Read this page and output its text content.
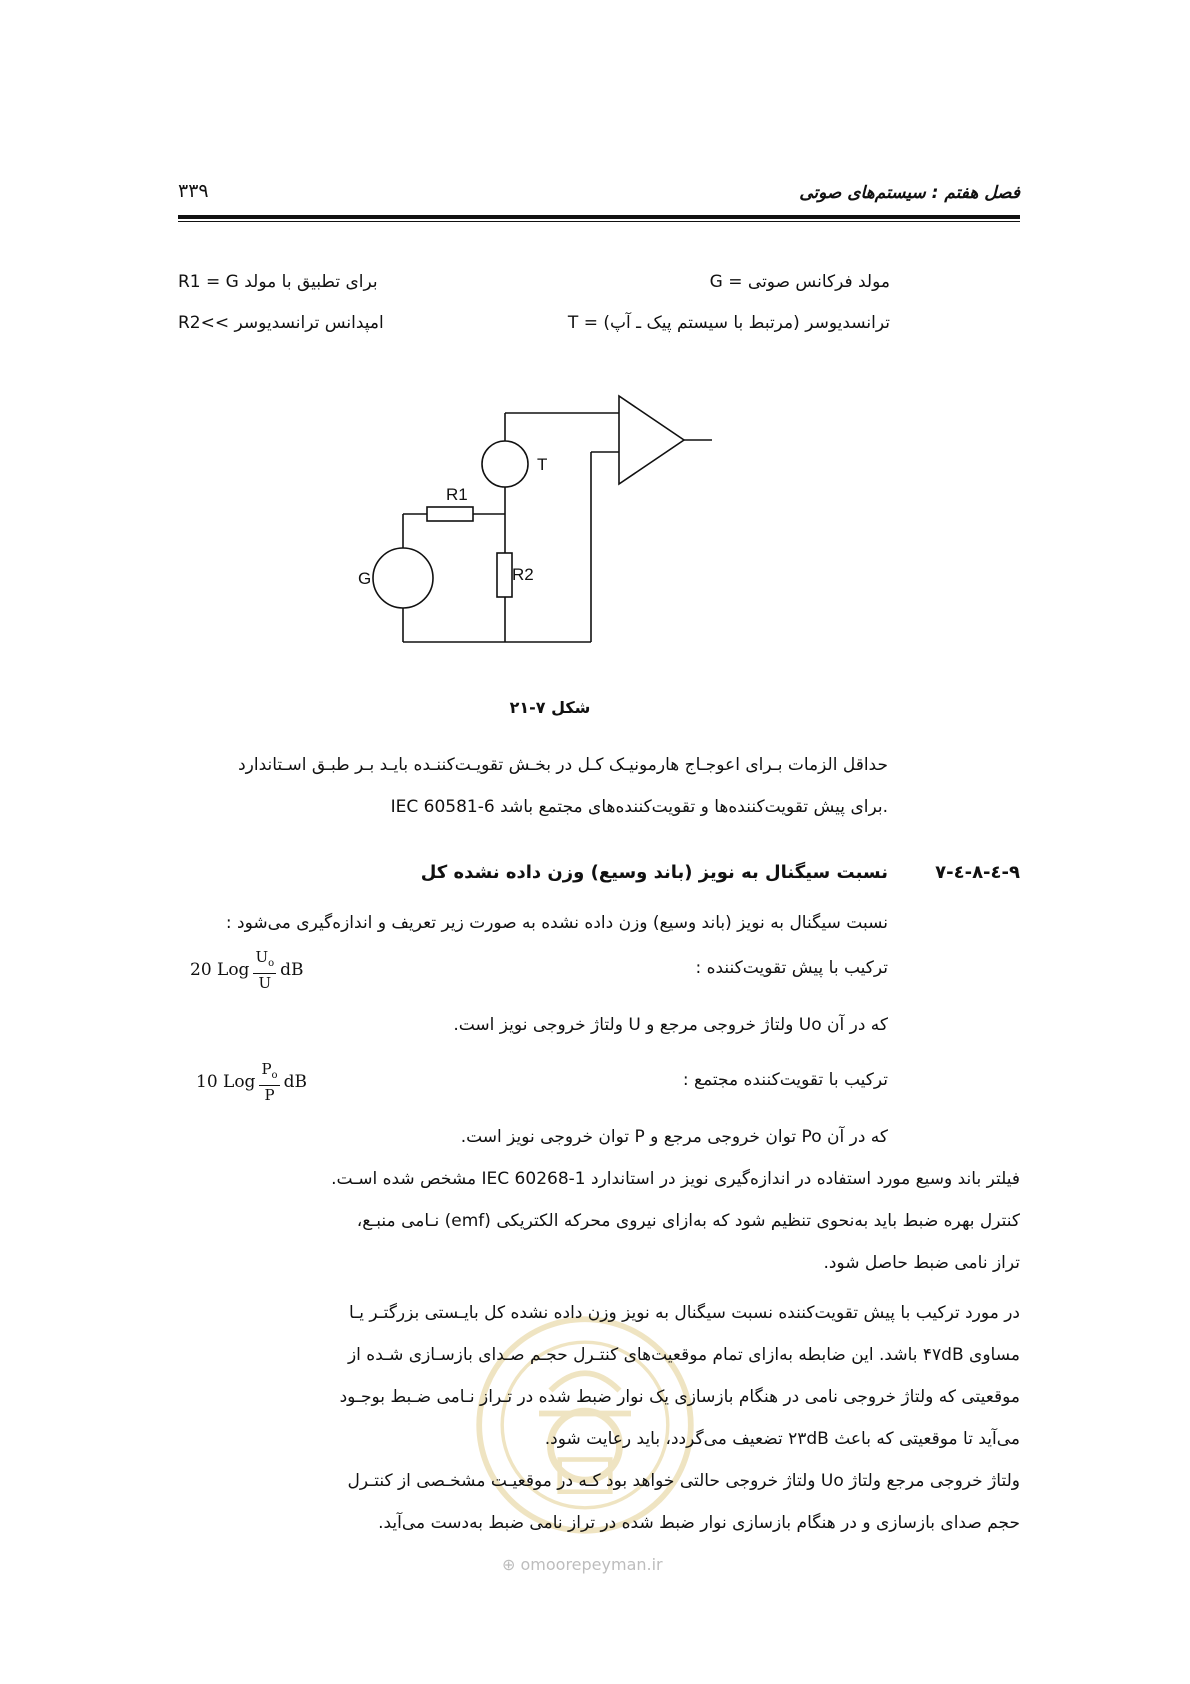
فصل هفتم : سیستم‌های صوتی
۳۳۹
مولد فرکانس صوتی = G
ترانسدیوسر (مرتبط با سیستم پیک ـ آپ) = T
برای تطبیق با مولد R1 = G
امپدانس ترانسدیوسر >>R2
R1
R2
G
T
شکل ۷-۲۱
حداقل الزمات بـرای اعوجـاج هارمونیـک کـل در بخـش تقویـت‌کننـده بایـد بـر طبـق اسـتاندارد
IEC 60581-6 برای پیش تقویت‌کننده‌ها و تقویت‌کننده‌های مجتمع باشد.
۷-٤-۸-٤-۹
نسبت سیگنال به نویز (باند وسیع) وزن داده نشده کل
نسبت سیگنال به نویز (باند وسیع) وزن داده نشده به صورت زیر تعریف و اندازه‌گیری می‌شود :
ترکیب با پیش تقویت‌کننده :
20 Log $\frac{U_o}{U}$ dB
که در آن Uo ولتاژ خروجی مرجع و U ولتاژ خروجی نویز است.
ترکیب با تقویت‌کننده مجتمع :
10 Log $\frac{P_o}{P}$ dB
که در آن Po توان خروجی مرجع و P توان خروجی نویز است.
فیلتر باند وسیع مورد استفاده در اندازه‌گیری نویز در استاندارد IEC 60268-1 مشخص شده اسـت.
کنترل بهره ضبط باید به‌نحوی تنظیم شود که به‌ازای نیروی محرکه الکتریکی (emf) نـامی منبـع،
تراز نامی ضبط حاصل شود.
در مورد ترکیب با پیش تقویت‌کننده نسبت سیگنال به نویز وزن داده نشده کل بایـستی بزرگتـر یـا
مساوی ۴۷dB باشد. این ضابطه به‌ازای تمام موقعیت‌های کنتـرل حجـم صـدای بازسـازی شـده از
موقعیتی که ولتاژ خروجی نامی در هنگام بازسازی یک نوار ضبط شده در تـراز نـامی ضـبط بوجـود
می‌آید تا موقعیتی که باعث ۲۳dB تضعیف می‌گردد، باید رعایت شود.
ولتاژ خروجی مرجع ولتاژ Uo ولتاژ خروجی حالتی خواهد بود کـه در موقعیـت مشخـصی از کنتـرل
حجم صدای بازسازی و در هنگام بازسازی نوار ضبط شده در تراز نامی ضبط به‌دست می‌آید.
⊕ omoorepeyman.ir
